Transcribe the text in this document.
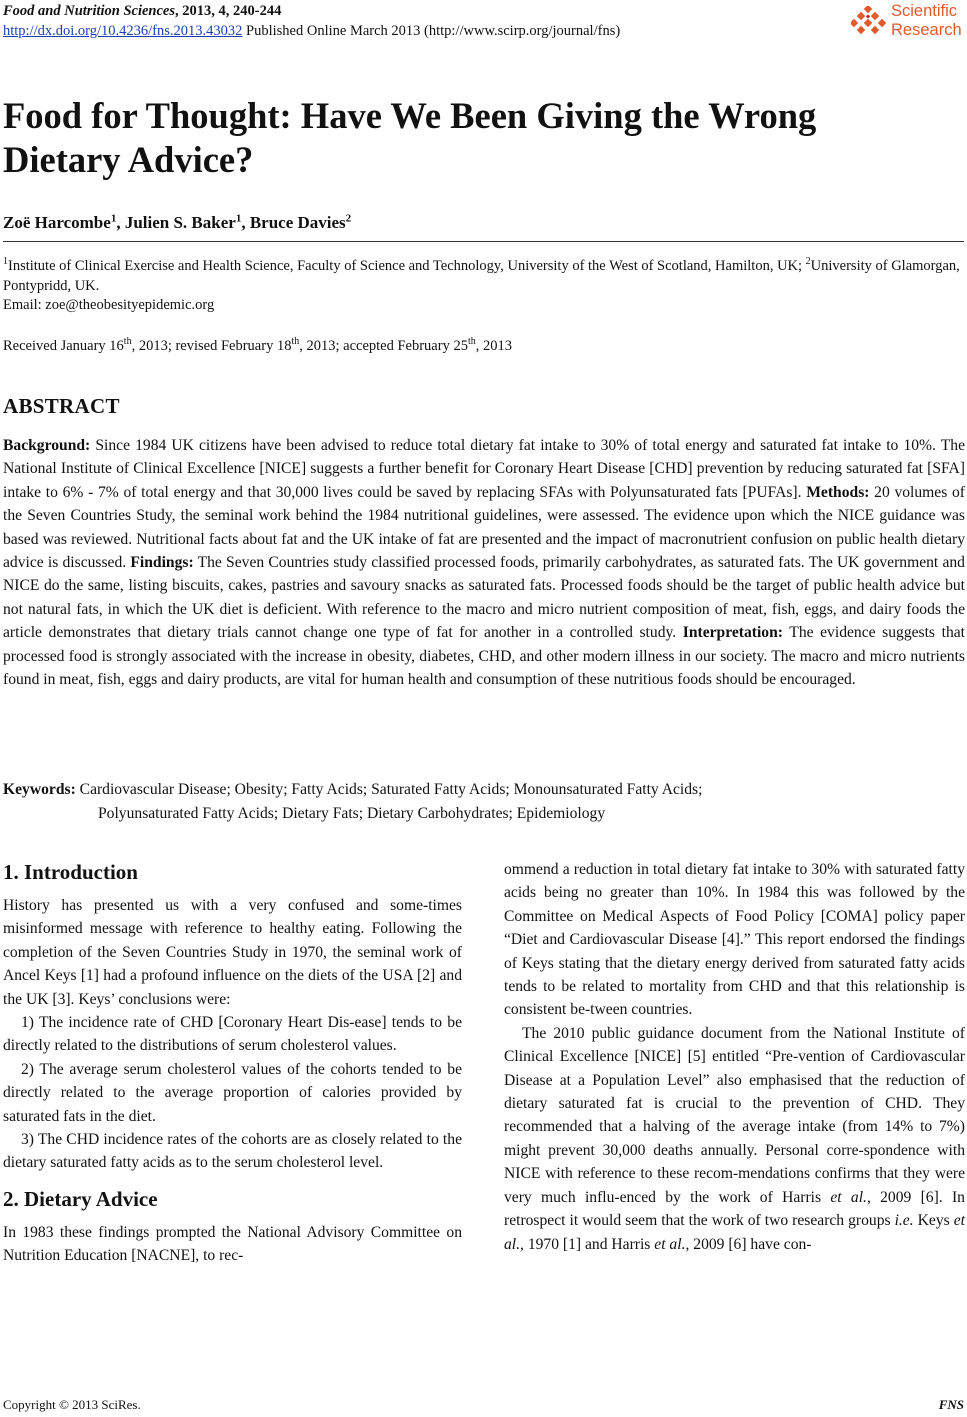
Food and Nutrition Sciences, 2013, 4, 240-244
http://dx.doi.org/10.4236/fns.2013.43032 Published Online March 2013 (http://www.scirp.org/journal/fns)
Scientific
Research
Food for Thought: Have We Been Giving the Wrong Dietary Advice?
Zoë Harcombe$^1$, Julien S. Baker$^1$, Bruce Davies$^2$
$^1$Institute of Clinical Exercise and Health Science, Faculty of Science and Technology, University of the West of Scotland, Hamilton, UK; $^2$University of Glamorgan, Pontypridd, UK.
Email: zoe@theobesityepidemic.org
Received January 16th, 2013; revised February 18th, 2013; accepted February 25th, 2013
ABSTRACT
Background: Since 1984 UK citizens have been advised to reduce total dietary fat intake to 30% of total energy and saturated fat intake to 10%. The National Institute of Clinical Excellence [NICE] suggests a further benefit for Coronary Heart Disease [CHD] prevention by reducing saturated fat [SFA] intake to 6% - 7% of total energy and that 30,000 lives could be saved by replacing SFAs with Polyunsaturated fats [PUFAs]. Methods: 20 volumes of the Seven Countries Study, the seminal work behind the 1984 nutritional guidelines, were assessed. The evidence upon which the NICE guidance was based was reviewed. Nutritional facts about fat and the UK intake of fat are presented and the impact of macronutrient confusion on public health dietary advice is discussed. Findings: The Seven Countries study classified processed foods, primarily carbohydrates, as saturated fats. The UK government and NICE do the same, listing biscuits, cakes, pastries and savoury snacks as saturated fats. Processed foods should be the target of public health advice but not natural fats, in which the UK diet is deficient. With reference to the macro and micro nutrient composition of meat, fish, eggs, and dairy foods the article demonstrates that dietary trials cannot change one type of fat for another in a controlled study. Interpretation: The evidence suggests that processed food is strongly associated with the increase in obesity, diabetes, CHD, and other modern illness in our society. The macro and micro nutrients found in meat, fish, eggs and dairy products, are vital for human health and consumption of these nutritious foods should be encouraged.
Keywords: Cardiovascular Disease; Obesity; Fatty Acids; Saturated Fatty Acids; Monounsaturated Fatty Acids;
Polyunsaturated Fatty Acids; Dietary Fats; Dietary Carbohydrates; Epidemiology
1. Introduction

History has presented us with a very confused and some-times misinformed message with reference to healthy eating. Following the completion of the Seven Countries Study in 1970, the seminal work of Ancel Keys [1] had a profound influence on the diets of the USA [2] and the UK [3]. Keys’ conclusions were:

1) The incidence rate of CHD [Coronary Heart Dis-ease] tends to be directly related to the distributions of serum cholesterol values.

2) The average serum cholesterol values of the cohorts tended to be directly related to the average proportion of calories provided by saturated fats in the diet.

3) The CHD incidence rates of the cohorts are as closely related to the dietary saturated fatty acids as to the serum cholesterol level.

2. Dietary Advice

In 1983 these findings prompted the National Advisory Committee on Nutrition Education [NACNE], to rec-

ommend a reduction in total dietary fat intake to 30% with saturated fatty acids being no greater than 10%. In 1984 this was followed by the Committee on Medical Aspects of Food Policy [COMA] policy paper “Diet and Cardiovascular Disease [4].” This report endorsed the findings of Keys stating that the dietary energy derived from saturated fatty acids tends to be related to mortality from CHD and that this relationship is consistent be-tween countries.

The 2010 public guidance document from the National Institute of Clinical Excellence [NICE] [5] entitled “Pre-vention of Cardiovascular Disease at a Population Level” also emphasised that the reduction of dietary saturated fat is crucial to the prevention of CHD. They recommended that a halving of the average intake (from 14% to 7%) might prevent 30,000 deaths annually. Personal corre-spondence with NICE with reference to these recom-mendations confirms that they were very much influ-enced by the work of Harris et al., 2009 [6]. In retrospect it would seem that the work of two research groups i.e. Keys et al., 1970 [1] and Harris et al., 2009 [6] have con-

Copyright © 2013 SciRes.	FNS
